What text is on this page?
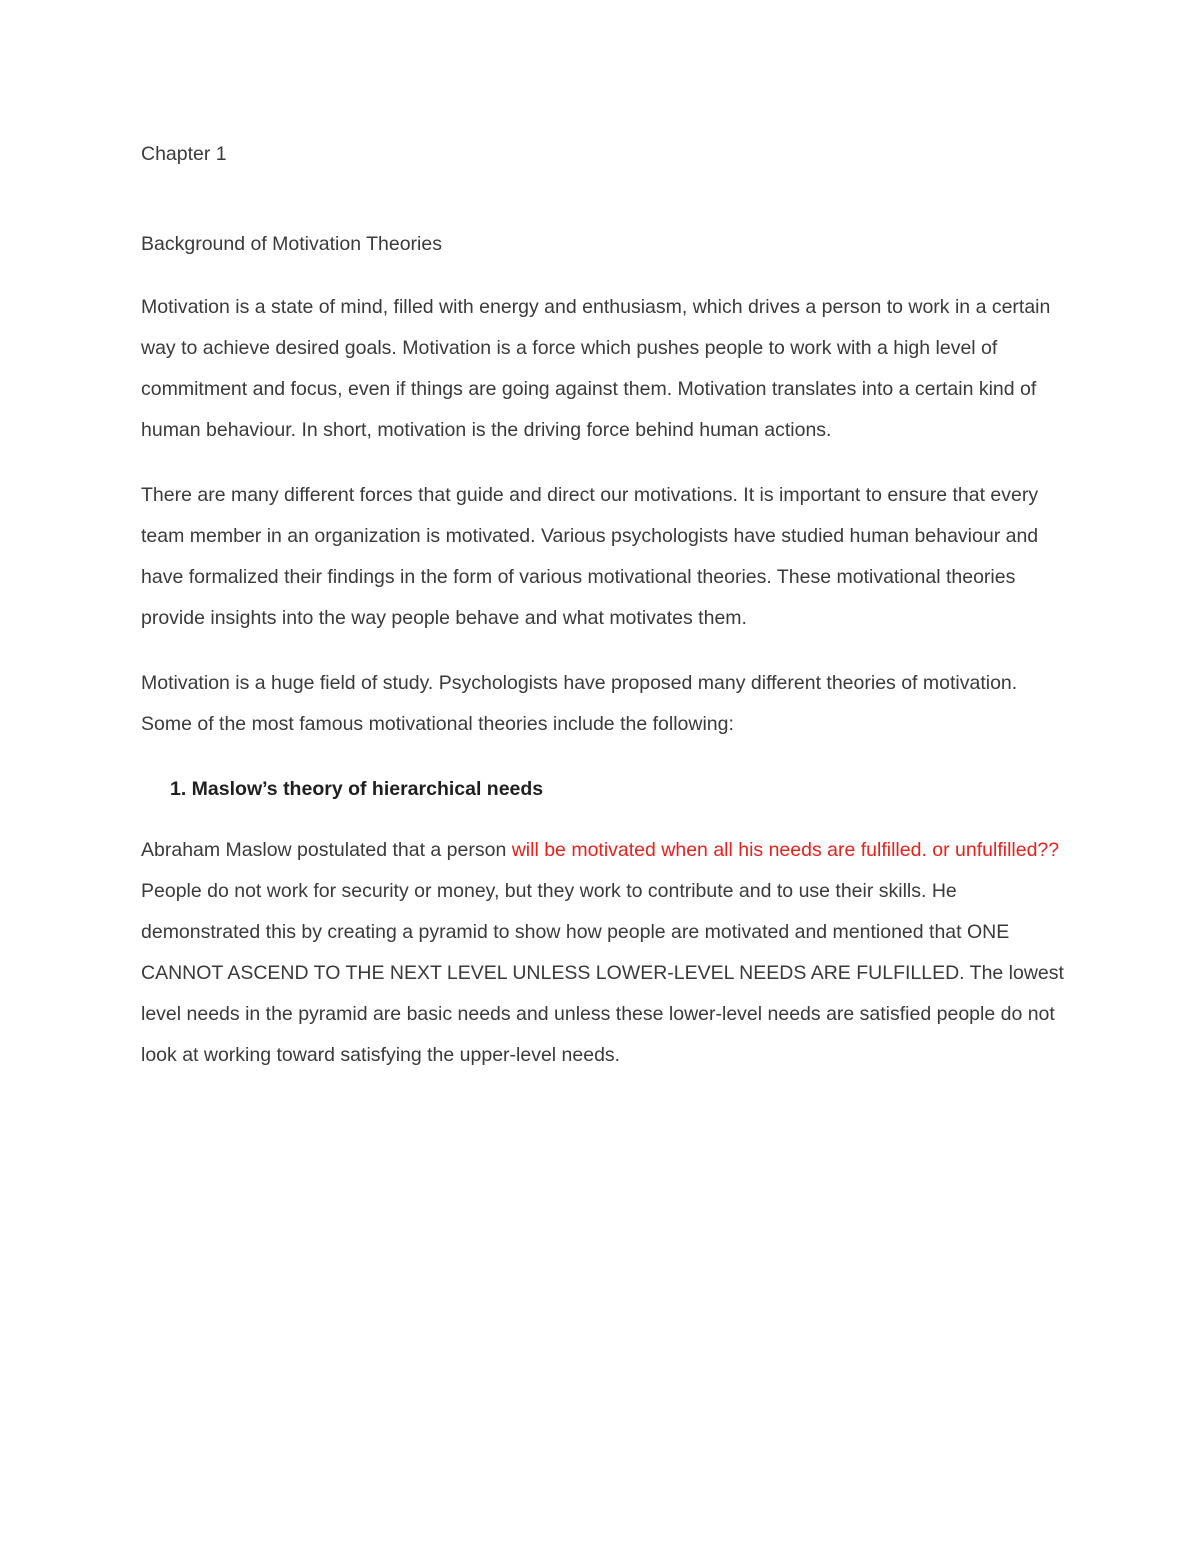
Chapter 1

Background of Motivation Theories

Motivation is a state of mind, filled with energy and enthusiasm, which drives a person to work in a certain way to achieve desired goals. Motivation is a force which pushes people to work with a high level of commitment and focus, even if things are going against them. Motivation translates into a certain kind of human behaviour. In short, motivation is the driving force behind human actions.

There are many different forces that guide and direct our motivations. It is important to ensure that every team member in an organization is motivated. Various psychologists have studied human behaviour and have formalized their findings in the form of various motivational theories. These motivational theories provide insights into the way people behave and what motivates them.

Motivation is a huge field of study. Psychologists have proposed many different theories of motivation. Some of the most famous motivational theories include the following:

1. Maslow’s theory of hierarchical needs

Abraham Maslow postulated that a person will be motivated when all his needs are fulfilled. or unfulfilled?? People do not work for security or money, but they work to contribute and to use their skills. He demonstrated this by creating a pyramid to show how people are motivated and mentioned that ONE CANNOT ASCEND TO THE NEXT LEVEL UNLESS LOWER-LEVEL NEEDS ARE FULFILLED. The lowest level needs in the pyramid are basic needs and unless these lower-level needs are satisfied people do not look at working toward satisfying the upper-level needs.
